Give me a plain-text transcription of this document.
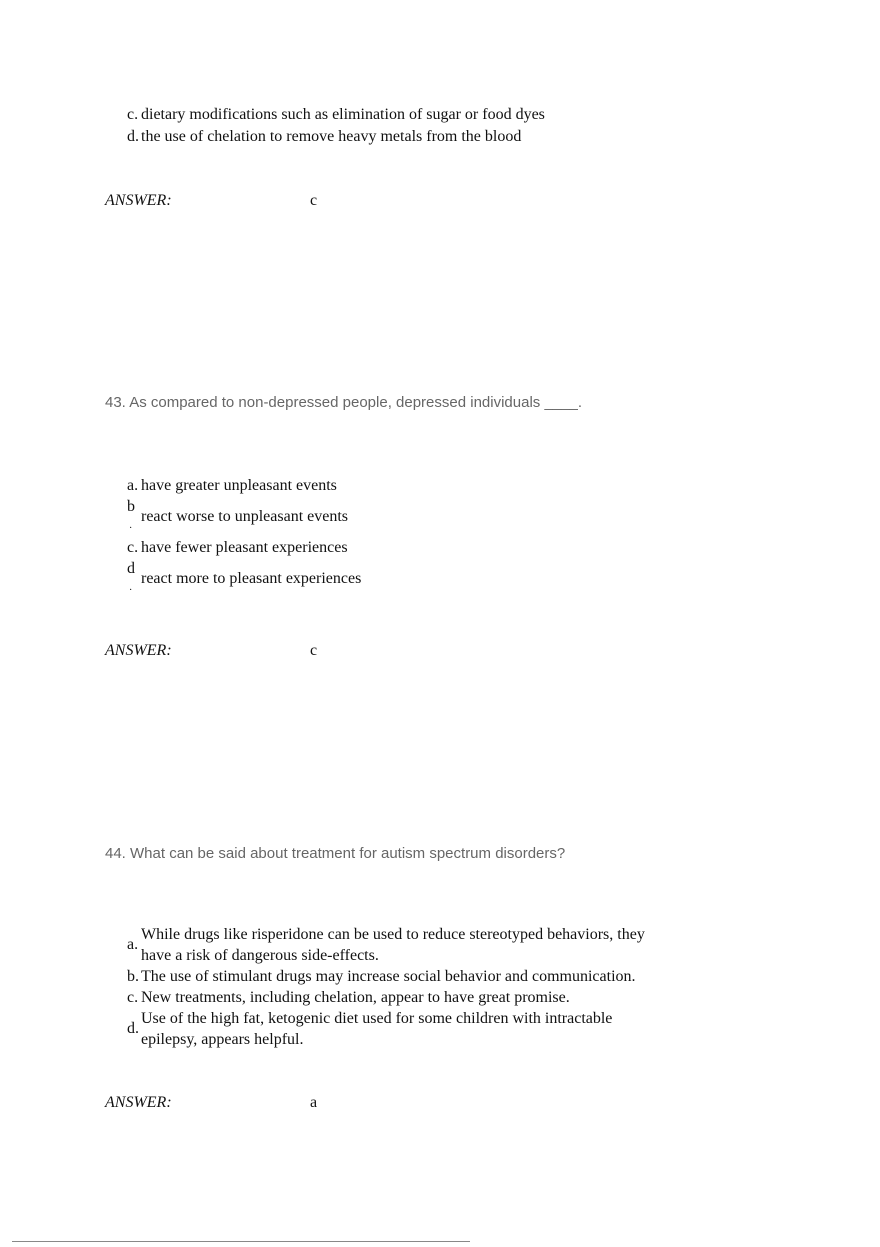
c. dietary modifications such as elimination of sugar or food dyes
d. the use of chelation to remove heavy metals from the blood
ANSWER:	c
43. As compared to non-depressed people, depressed individuals ____.
a. have greater unpleasant events
b
react worse to unpleasant events
·
c. have fewer pleasant experiences
d
react more to pleasant experiences
·
ANSWER:	c
44. What can be said about treatment for autism spectrum disorders?
a.
While drugs like risperidone can be used to reduce stereotyped behaviors, they
have a risk of dangerous side-effects.
b. The use of stimulant drugs may increase social behavior and communication.
c. New treatments, including chelation, appear to have great promise.
d.
Use of the high fat, ketogenic diet used for some children with intractable
epilepsy, appears helpful.
ANSWER:	a
